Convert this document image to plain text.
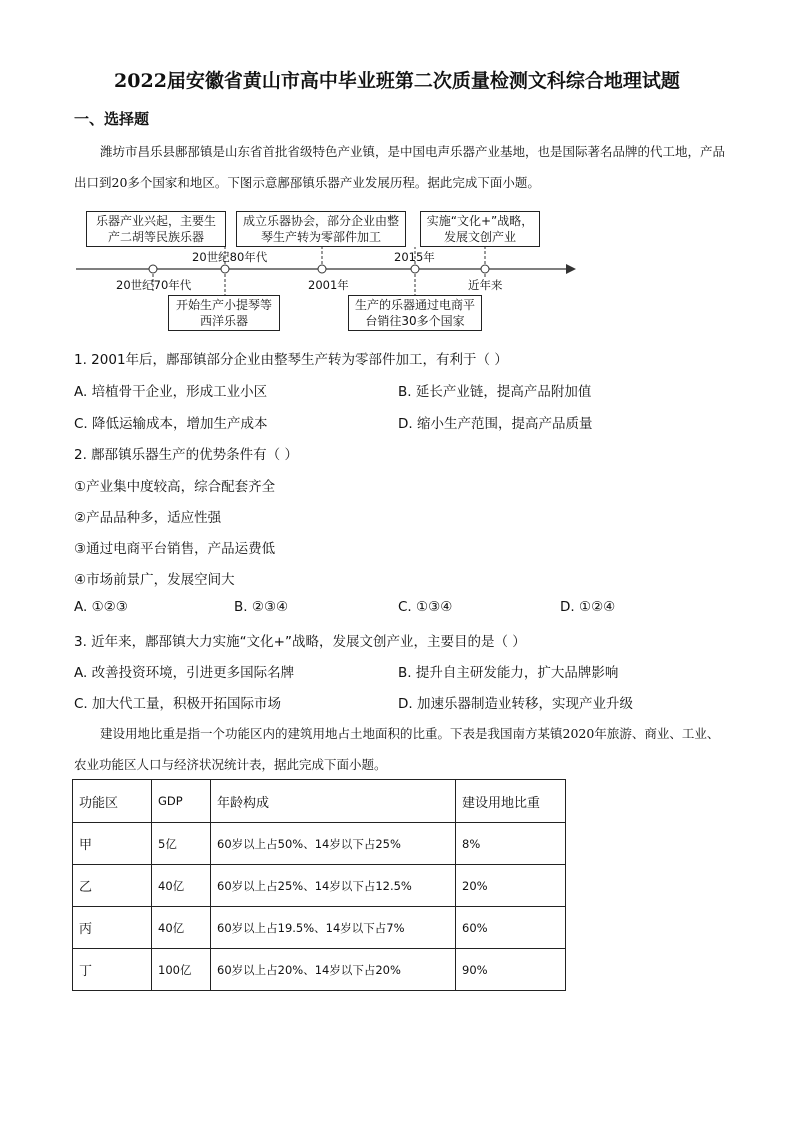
2022届安徽省黄山市高中毕业班第二次质量检测文科综合地理试题
一、选择题
潍坊市昌乐县鄌郚镇是山东省首批省级特色产业镇，是中国电声乐器产业基地，也是国际著名品牌的代工地，产品出口到20多个国家和地区。下图示意鄌郚镇乐器产业发展历程。据此完成下面小题。
乐器产业兴起，主要生产二胡等民族乐器
成立乐器协会，部分企业由整琴生产转为零部件加工
实施“文化+”战略，发展文创产业
20世纪80年代	2015年
20世纪70年代	2001年	近年来
开始生产小提琴等西洋乐器
生产的乐器通过电商平台销往30多个国家
1. 2001年后，鄌郚镇部分企业由整琴生产转为零部件加工，有利于（ ）
A. 培植骨干企业，形成工业小区	B. 延长产业链，提高产品附加值
C. 降低运输成本，增加生产成本	D. 缩小生产范围，提高产品质量
2. 鄌郚镇乐器生产的优势条件有（ ）
①产业集中度较高，综合配套齐全
②产品品种多，适应性强
③通过电商平台销售，产品运费低
④市场前景广，发展空间大
A. ①②③	B. ②③④	C. ①③④	D. ①②④
3. 近年来，鄌郚镇大力实施“文化+”战略，发展文创产业，主要目的是（ ）
A. 改善投资环境，引进更多国际名牌	B. 提升自主研发能力，扩大品牌影响
C. 加大代工量，积极开拓国际市场	D. 加速乐器制造业转移，实现产业升级
建设用地比重是指一个功能区内的建筑用地占土地面积的比重。下表是我国南方某镇2020年旅游、商业、工业、农业功能区人口与经济状况统计表，据此完成下面小题。
功能区	GDP	年龄构成	建设用地比重
甲	5亿	60岁以上占50%、14岁以下占25%	8%
乙	40亿	60岁以上占25%、14岁以下占12.5%	20%
丙	40亿	60岁以上占19.5%、14岁以下占7%	60%
丁	100亿	60岁以上占20%、14岁以下占20%	90%
